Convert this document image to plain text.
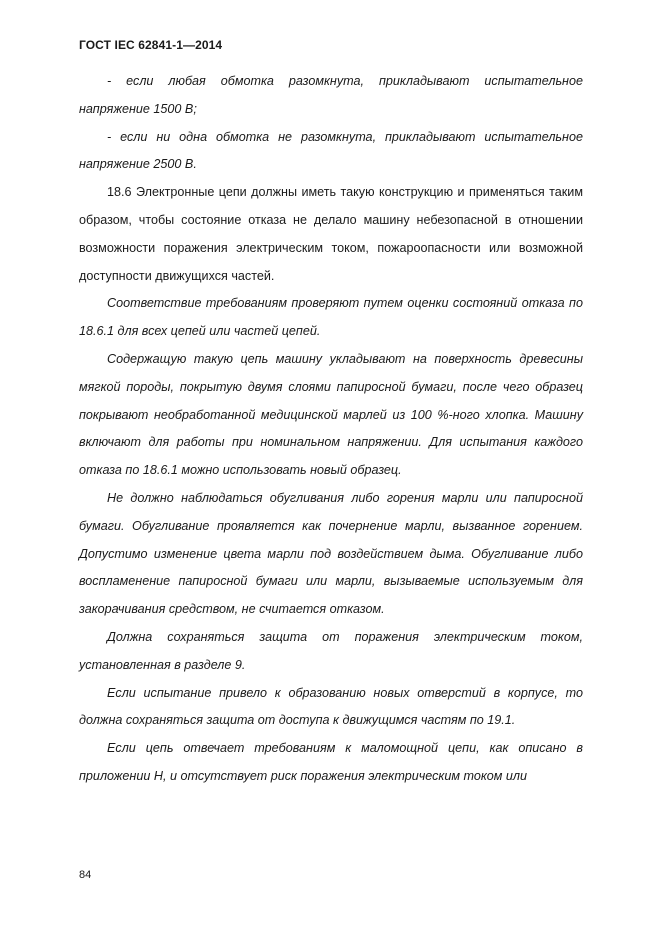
ГОСТ IEC 62841-1—2014

- если любая обмотка разомкнута, прикладывают испытательное напряжение 1500 В;

- если ни одна обмотка не разомкнута, прикладывают испытательное напряжение 2500 В.

18.6 Электронные цепи должны иметь такую конструкцию и применяться таким образом, чтобы состояние отказа не делало машину небезопасной в отношении возможности поражения электрическим током, пожароопасности или возможной доступности движущихся частей.

Соответствие требованиям проверяют путем оценки состояний отказа по 18.6.1 для всех цепей или частей цепей.

Содержащую такую цепь машину укладывают на поверхность древесины мягкой породы, покрытую двумя слоями папиросной бумаги, после чего образец покрывают необработанной медицинской марлей из 100 %-ного хлопка. Машину включают для работы при номинальном напряжении. Для испытания каждого отказа по 18.6.1 можно использовать новый образец.

Не должно наблюдаться обугливания либо горения марли или папиросной бумаги. Обугливание проявляется как почернение марли, вызванное горением. Допустимо изменение цвета марли под воздействием дыма. Обугливание либо воспламенение папиросной бумаги или марли, вызываемые используемым для закорачивания средством, не считается отказом.

Должна сохраняться защита от поражения электрическим током, установленная в разделе 9.

Если испытание привело к образованию новых отверстий в корпусе, то должна сохраняться защита от доступа к движущимся частям по 19.1.

Если цепь отвечает требованиям к маломощной цепи, как описано в приложении Н, и отсутствует риск поражения электрическим током или

84
